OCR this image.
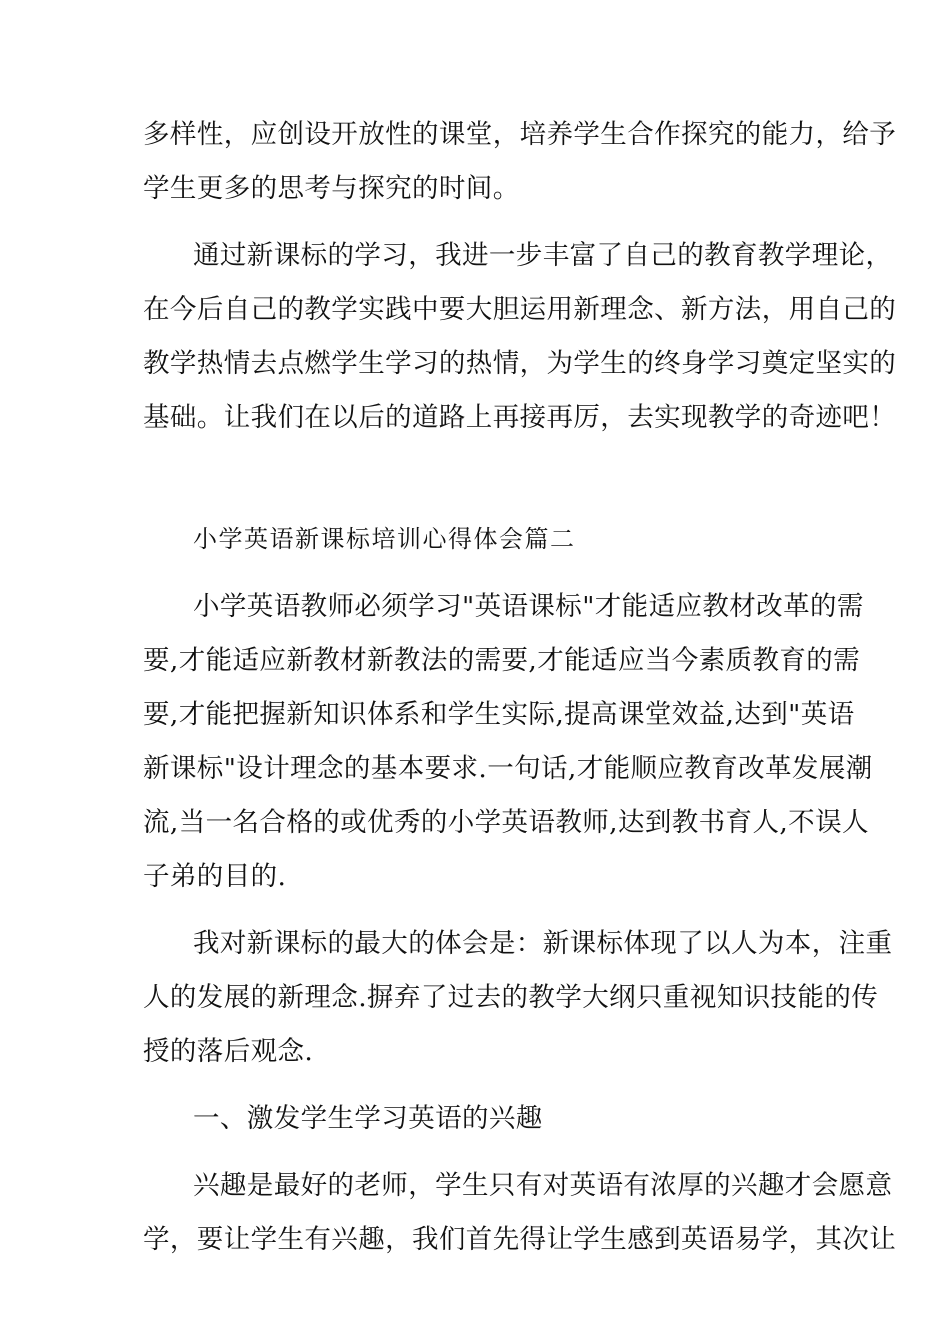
多样性，应创设开放性的课堂，培养学生合作探究的能力，给予
学生更多的思考与探究的时间。
通过新课标的学习，我进一步丰富了自己的教育教学理论，
在今后自己的教学实践中要大胆运用新理念、新方法，用自己的
教学热情去点燃学生学习的热情，为学生的终身学习奠定坚实的
基础。让我们在以后的道路上再接再厉，去实现教学的奇迹吧！
小学英语新课标培训心得体会篇二
小学英语教师必须学习"英语课标"才能适应教材改革的需
要,才能适应新教材新教法的需要,才能适应当今素质教育的需
要,才能把握新知识体系和学生实际,提高课堂效益,达到"英语
新课标"设计理念的基本要求.一句话,才能顺应教育改革发展潮
流,当一名合格的或优秀的小学英语教师,达到教书育人,不误人
子弟的目的.
我对新课标的最大的体会是：新课标体现了以人为本，注重
人的发展的新理念.摒弃了过去的教学大纲只重视知识技能的传
授的落后观念.
一、激发学生学习英语的兴趣
兴趣是最好的老师，学生只有对英语有浓厚的兴趣才会愿意
学，要让学生有兴趣，我们首先得让学生感到英语易学，其次让
